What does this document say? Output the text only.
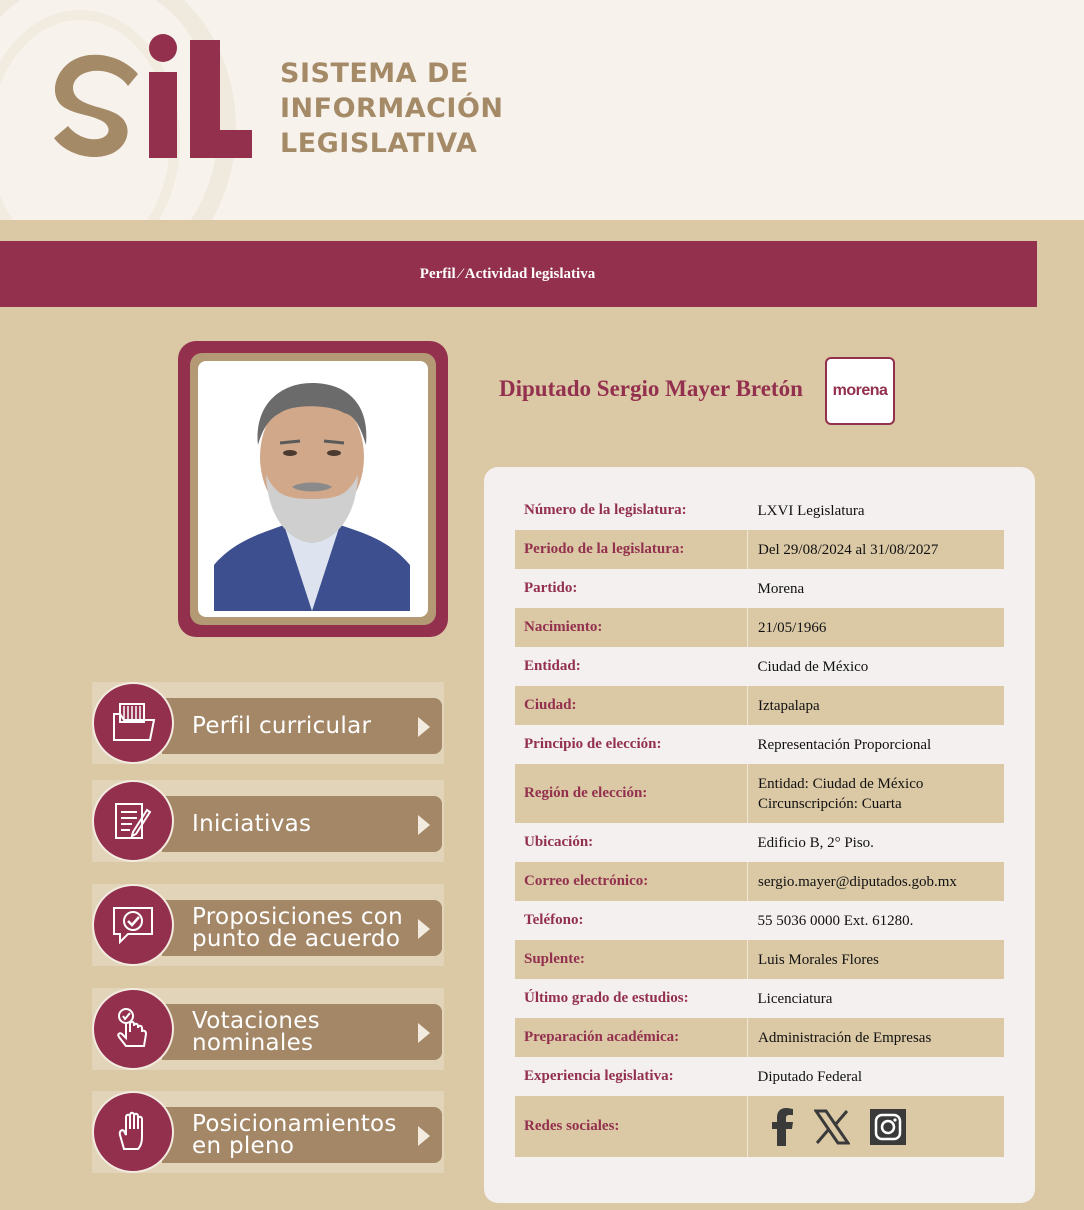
SISTEMA DE
INFORMACIÓN
LEGISLATIVA
Perfil ⁄ Actividad legislativa
Perfil curricular
Iniciativas
Proposiciones con punto de acuerdo
Votaciones nominales
Posicionamientos en pleno
Diputado Sergio Mayer Bretón	morena
Número de la legislatura:	LXVI Legislatura

Periodo de la legislatura:	Del 29/08/2024 al 31/08/2027

Partido:	Morena

Nacimiento:	21/05/1966

Entidad:	Ciudad de México

Ciudad:	Iztapalapa

Principio de elección:	Representación Proporcional

Región de elección:	Entidad: Ciudad de México
Circunscripción: Cuarta

Ubicación:	Edificio B, 2° Piso.

Correo electrónico:	sergio.mayer@diputados.gob.mx

Teléfono:	55 5036 0000 Ext. 61280.

Suplente:	Luis Morales Flores

Último grado de estudios:	Licenciatura

Preparación académica:	Administración de Empresas

Experiencia legislativa:	Diputado Federal

Redes sociales:	
